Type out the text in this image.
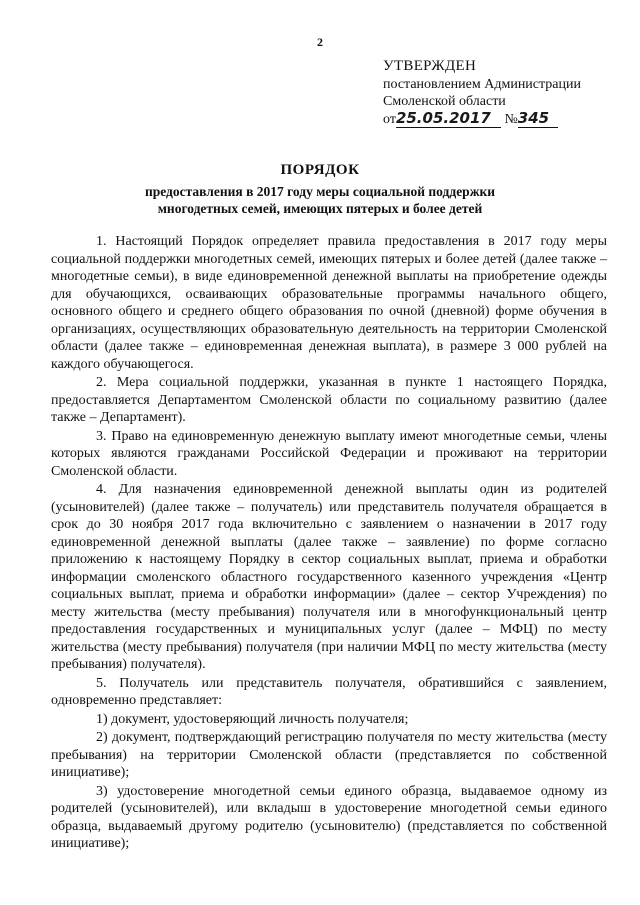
2
УТВЕРЖДЕН
постановлением Администрации
Смоленской области
от25.05.2017 №345
ПОРЯДОК
предоставления в 2017 году меры социальной поддержки
многодетных семей, имеющих пятерых и более детей

1. Настоящий Порядок определяет правила предоставления в 2017 году меры социальной поддержки многодетных семей, имеющих пятерых и более детей (далее также – многодетные семьи), в виде единовременной денежной выплаты на приобретение одежды для обучающихся, осваивающих образовательные программы начального общего, основного общего и среднего общего образования по очной (дневной) форме обучения в организациях, осуществляющих образовательную деятельность на территории Смоленской области (далее также – единовременная денежная выплата), в размере 3 000 рублей на каждого обучающегося.

2. Мера социальной поддержки, указанная в пункте 1 настоящего Порядка, предоставляется Департаментом Смоленской области по социальному развитию (далее также – Департамент).

3. Право на единовременную денежную выплату имеют многодетные семьи, члены которых являются гражданами Российской Федерации и проживают на территории Смоленской области.

4. Для назначения единовременной денежной выплаты один из родителей (усыновителей) (далее также – получатель) или представитель получателя обращается в срок до 30 ноября 2017 года включительно с заявлением о назначении в 2017 году единовременной денежной выплаты (далее также – заявление) по форме согласно приложению к настоящему Порядку в сектор социальных выплат, приема и обработки информации смоленского областного государственного казенного учреждения «Центр социальных выплат, приема и обработки информации» (далее – сектор Учреждения) по месту жительства (месту пребывания) получателя или в многофункциональный центр предоставления государственных и муниципальных услуг (далее – МФЦ) по месту жительства (месту пребывания) получателя (при наличии МФЦ по месту жительства (месту пребывания) получателя).

5. Получатель или представитель получателя, обратившийся с заявлением, одновременно представляет:

1) документ, удостоверяющий личность получателя;

2) документ, подтверждающий регистрацию получателя по месту жительства (месту пребывания) на территории Смоленской области (представляется по собственной инициативе);

3) удостоверение многодетной семьи единого образца, выдаваемое одному из родителей (усыновителей), или вкладыш в удостоверение многодетной семьи единого образца, выдаваемый другому родителю (усыновителю) (представляется по собственной инициативе);
